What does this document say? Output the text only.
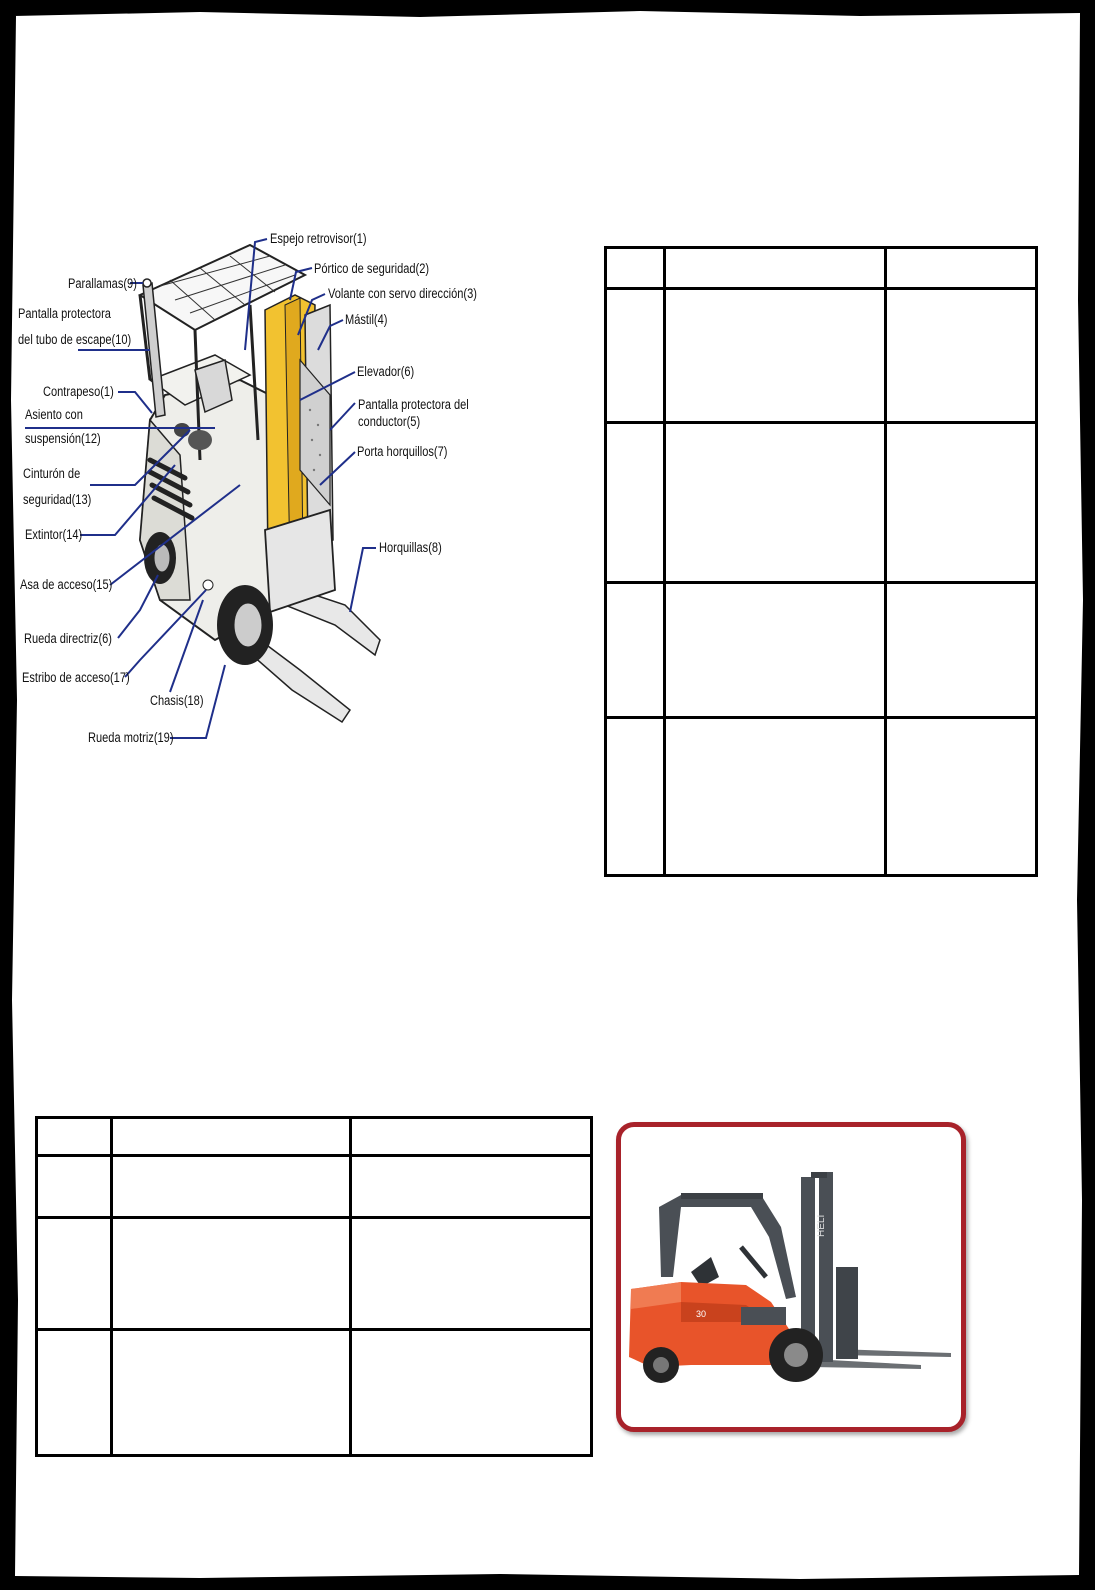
Espejo retrovisor(1)
Pórtico de seguridad(2)
Volante con servo dirección(3)
Mástil(4)
Parallamas(9)
Pantalla protectora
del tubo de escape(10)
Elevador(6)
Contrapeso(1)
Asiento con
suspensión(12)
Pantalla protectora del
conductor(5)
Porta horquillos(7)
Cinturón de
seguridad(13)
Extintor(14)
Horquillas(8)
Asa de acceso(15)
Rueda directriz(6)
Estribo de acceso(17)
Chasis(18)
Rueda motriz(19)

HELI
30
